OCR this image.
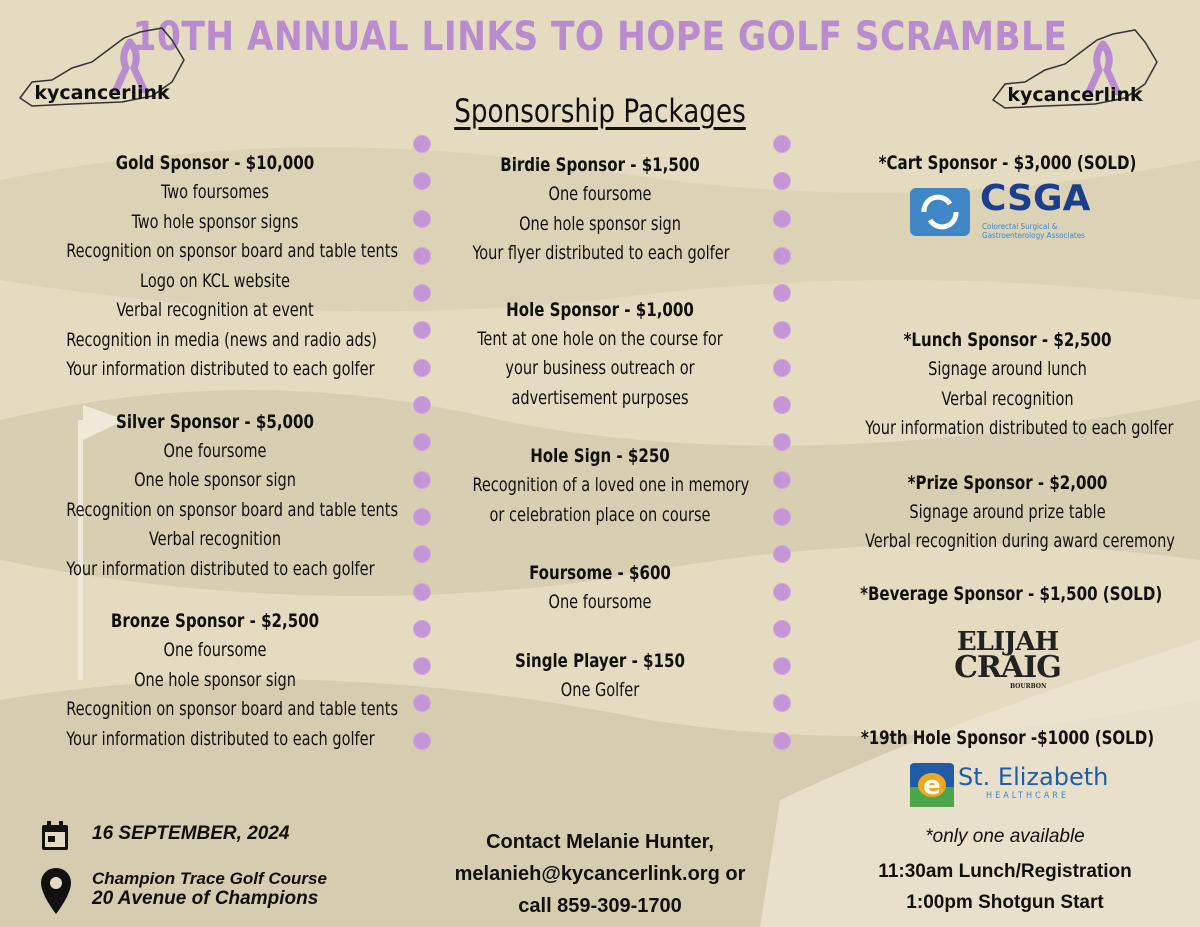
10TH ANNUAL LINKS TO HOPE GOLF SCRAMBLE
Sponsorship Packages
kycancerlink	kycancerlink
Gold Sponsor - $10,000
Two foursomes
Two hole sponsor signs
Recognition on sponsor board and table tents
Logo on KCL website
Verbal recognition at event
Recognition in media (news and radio ads)
Your information distributed to each golfer
Silver Sponsor - $5,000
One foursome
One hole sponsor sign
Recognition on sponsor board and table tents
Verbal recognition
Your information distributed to each golfer
Bronze Sponsor - $2,500
One foursome
One hole sponsor sign
Recognition on sponsor board and table tents
Your information distributed to each golfer
Birdie Sponsor - $1,500
One foursome
One hole sponsor sign
Your flyer distributed to each golfer
Hole Sponsor - $1,000
Tent at one hole on the course for
your business outreach or
advertisement purposes
Hole Sign - $250
Recognition of a loved one in memory
or celebration place on course
Foursome - $600
One foursome
Single Player - $150
One Golfer
*Cart Sponsor - $3,000 (SOLD)
CSGA
Colorectal Surgical &
Gastroenterology Associates
*Lunch Sponsor - $2,500
Signage around lunch
Verbal recognition
Your information distributed to each golfer
*Prize Sponsor - $2,000
Signage around prize table
Verbal recognition during award ceremony
*Beverage Sponsor - $1,500 (SOLD)
ELIJAH
CRAIG
BOURBON
*19th Hole Sponsor -$1000 (SOLD)
e St. Elizabeth
HEALTHCARE
16 SEPTEMBER, 2024
Champion Trace Golf Course
20 Avenue of Champions
Contact Melanie Hunter,
melanieh@kycancerlink.org or
call 859-309-1700
*only one available
11:30am Lunch/Registration
1:00pm Shotgun Start
